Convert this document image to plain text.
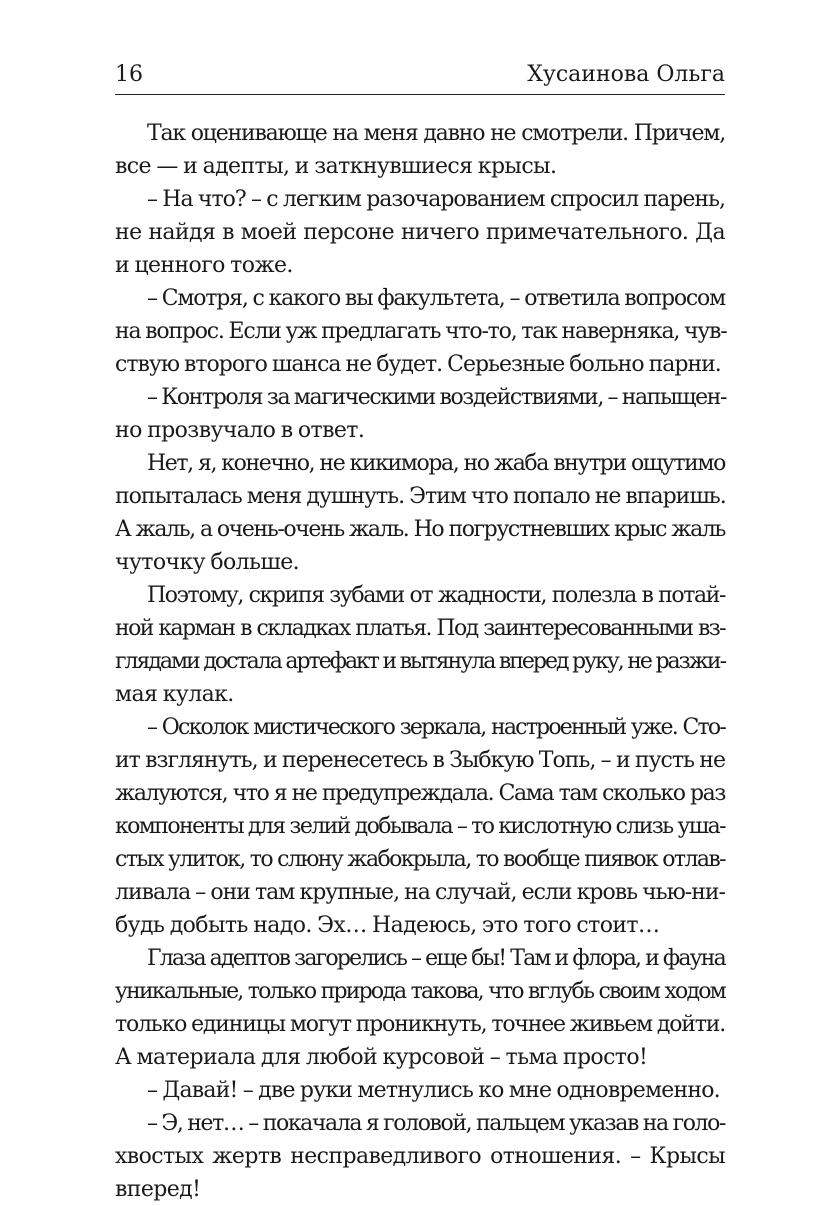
16	Хусаинова Ольга
Так оценивающе на меня давно не смотрели. Причем,
все — и адепты, и заткнувшиеся крысы.
– На что? – с легким разочарованием спросил парень,
не найдя в моей персоне ничего примечательного. Да
и ценного тоже.
– Смотря, с какого вы факультета, – ответила вопросом
на вопрос. Если уж предлагать что-то, так наверняка, чув-
ствую второго шанса не будет. Серьезные больно парни.
– Контроля за магическими воздействиями, – напыщен-
но прозвучало в ответ.
Нет, я, конечно, не кикимора, но жаба внутри ощутимо
попыталась меня душнуть. Этим что попало не впаришь.
А жаль, а очень-очень жаль. Но погрустневших крыс жаль
чуточку больше.
Поэтому, скрипя зубами от жадности, полезла в потай-
ной карман в складках платья. Под заинтересованными вз-
глядами достала артефакт и вытянула вперед руку, не разжи-
мая кулак.
– Осколок мистического зеркала, настроенный уже. Сто-
ит взглянуть, и перенесетесь в Зыбкую Топь, – и пусть не
жалуются, что я не предупреждала. Сама там сколько раз
компоненты для зелий добывала – то кислотную слизь уша-
стых улиток, то слюну жабокрыла, то вообще пиявок отлав-
ливала – они там крупные, на случай, если кровь чью-ни-
будь добыть надо. Эх… Надеюсь, это того стоит…
Глаза адептов загорелись – еще бы! Там и флора, и фауна
уникальные, только природа такова, что вглубь своим ходом
только единицы могут проникнуть, точнее живьем дойти.
А материала для любой курсовой – тьма просто!
– Давай! – две руки метнулись ко мне одновременно.
– Э, нет… – покачала я головой, пальцем указав на голо-
хвостых жертв несправедливого отношения. – Крысы
вперед!
